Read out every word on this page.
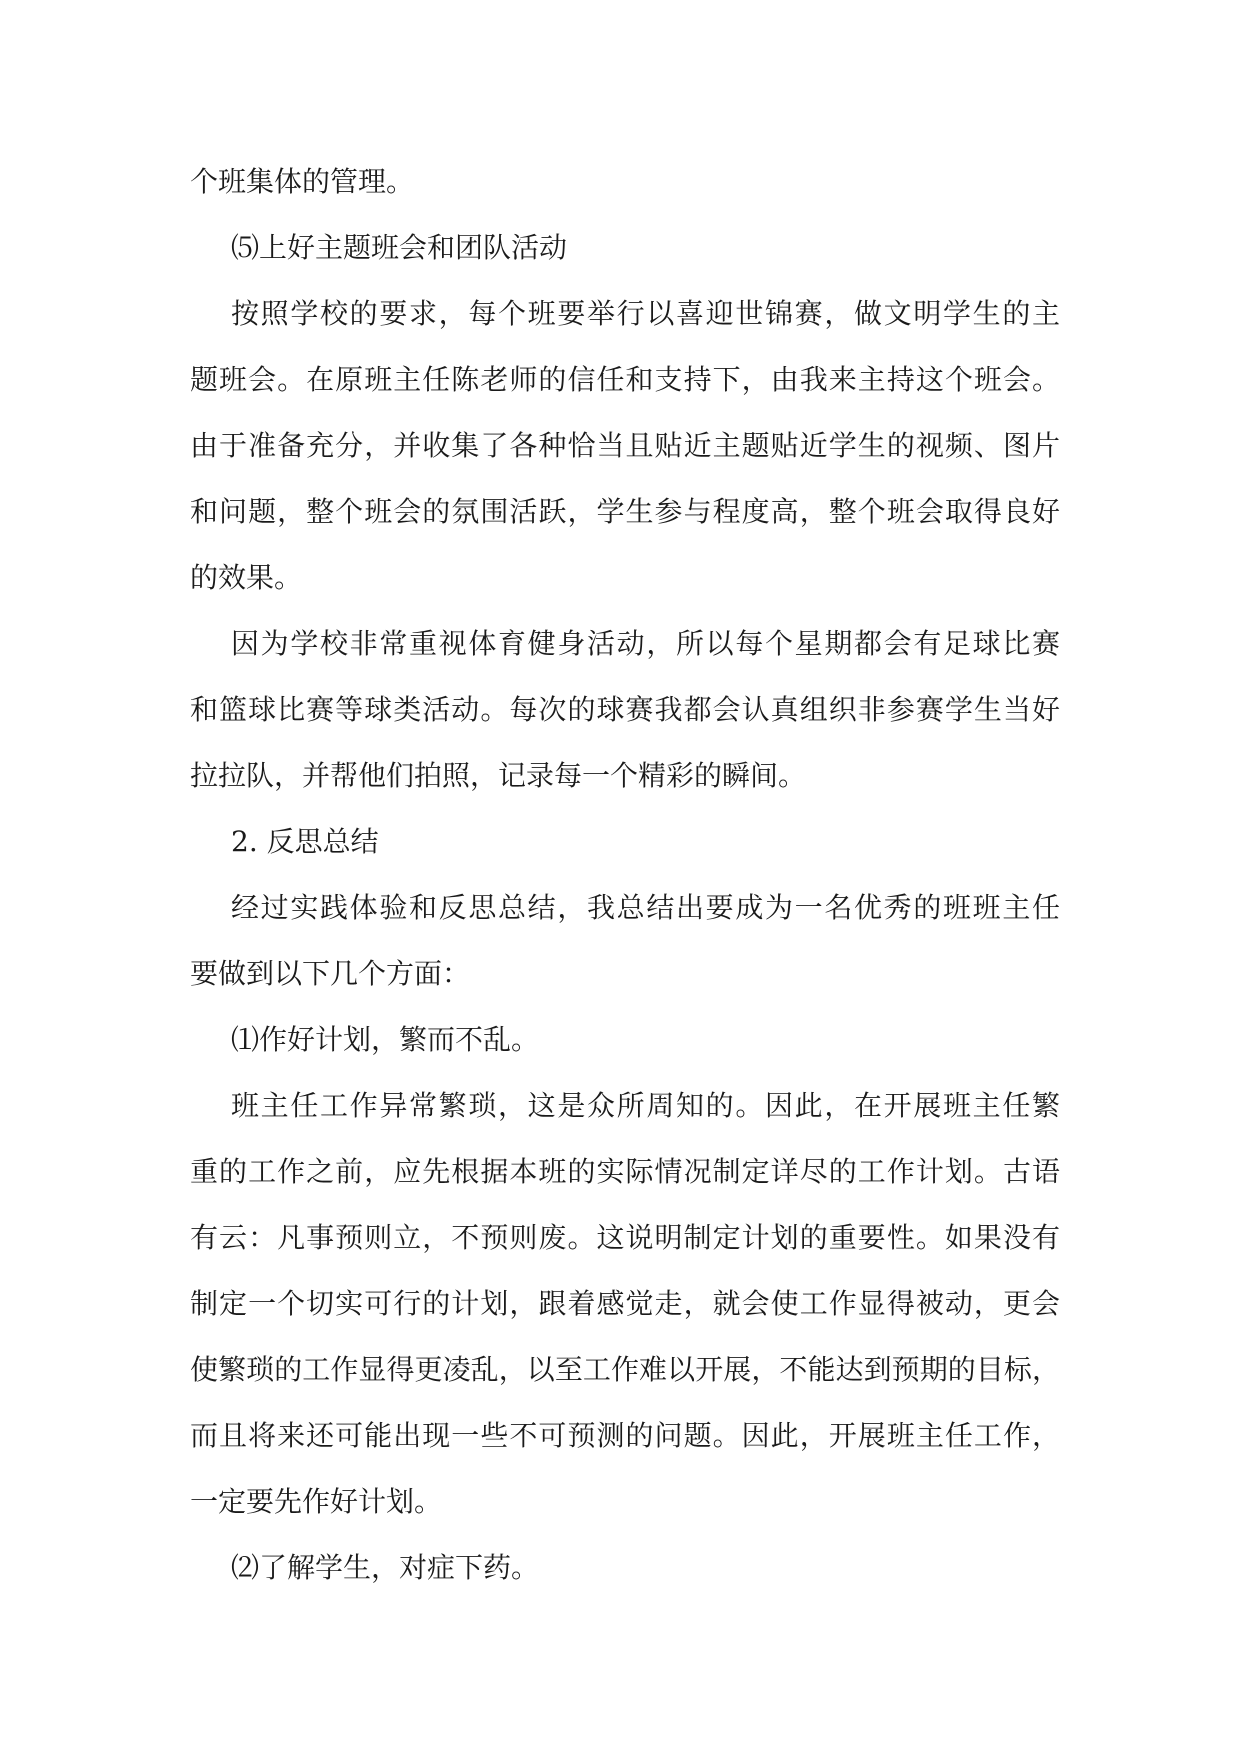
个班集体的管理。
⑸上好主题班会和团队活动
按照学校的要求，每个班要举行以喜迎世锦赛，做文明学生的主
题班会。在原班主任陈老师的信任和支持下，由我来主持这个班会。
由于准备充分，并收集了各种恰当且贴近主题贴近学生的视频、图片
和问题，整个班会的氛围活跃，学生参与程度高，整个班会取得良好
的效果。
因为学校非常重视体育健身活动，所以每个星期都会有足球比赛
和篮球比赛等球类活动。每次的球赛我都会认真组织非参赛学生当好
拉拉队，并帮他们拍照，记录每一个精彩的瞬间。
2. 反思总结
经过实践体验和反思总结，我总结出要成为一名优秀的班班主任
要做到以下几个方面：
⑴作好计划，繁而不乱。
班主任工作异常繁琐，这是众所周知的。因此，在开展班主任繁
重的工作之前，应先根据本班的实际情况制定详尽的工作计划。古语
有云：凡事预则立，不预则废。这说明制定计划的重要性。如果没有
制定一个切实可行的计划，跟着感觉走，就会使工作显得被动，更会
使繁琐的工作显得更凌乱，以至工作难以开展，不能达到预期的目标，
而且将来还可能出现一些不可预测的问题。因此，开展班主任工作，
一定要先作好计划。
⑵了解学生，对症下药。
